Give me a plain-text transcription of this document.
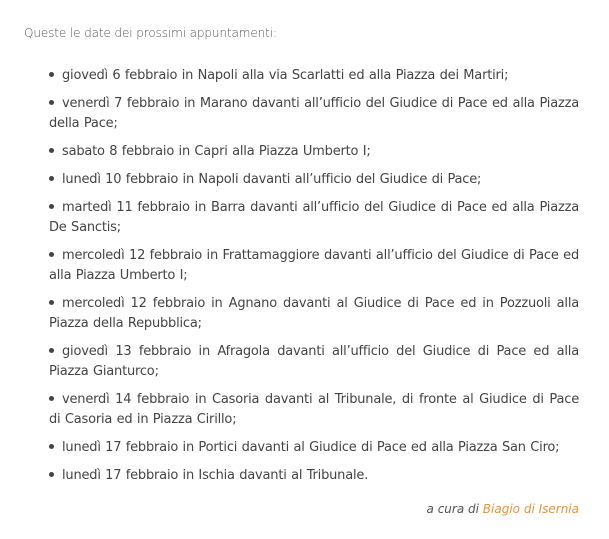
Queste le date dei prossimi appuntamenti:

giovedì 6 febbraio in Napoli alla via Scarlatti ed alla Piazza dei Martiri;
venerdì 7 febbraio in Marano davanti all’ufficio del Giudice di Pace ed alla Piazza della Pace;
sabato 8 febbraio in Capri alla Piazza Umberto I;
lunedì 10 febbraio in Napoli davanti all’ufficio del Giudice di Pace;
martedì 11 febbraio in Barra davanti all’ufficio del Giudice di Pace ed alla Piazza De Sanctis;
mercoledì 12 febbraio in Frattamaggiore davanti all’ufficio del Giudice di Pace ed alla Piazza Umberto I;
mercoledì 12 febbraio in Agnano davanti al Giudice di Pace ed in Pozzuoli alla Piazza della Repubblica;
giovedì 13 febbraio in Afragola davanti all’ufficio del Giudice di Pace ed alla Piazza Gianturco;
venerdì 14 febbraio in Casoria davanti al Tribunale, di fronte al Giudice di Pace di Casoria ed in Piazza Cirillo;
lunedì 17 febbraio in Portici davanti al Giudice di Pace ed alla Piazza San Ciro;
lunedì 17 febbraio in Ischia davanti al Tribunale.
a cura di Biagio di Isernia
